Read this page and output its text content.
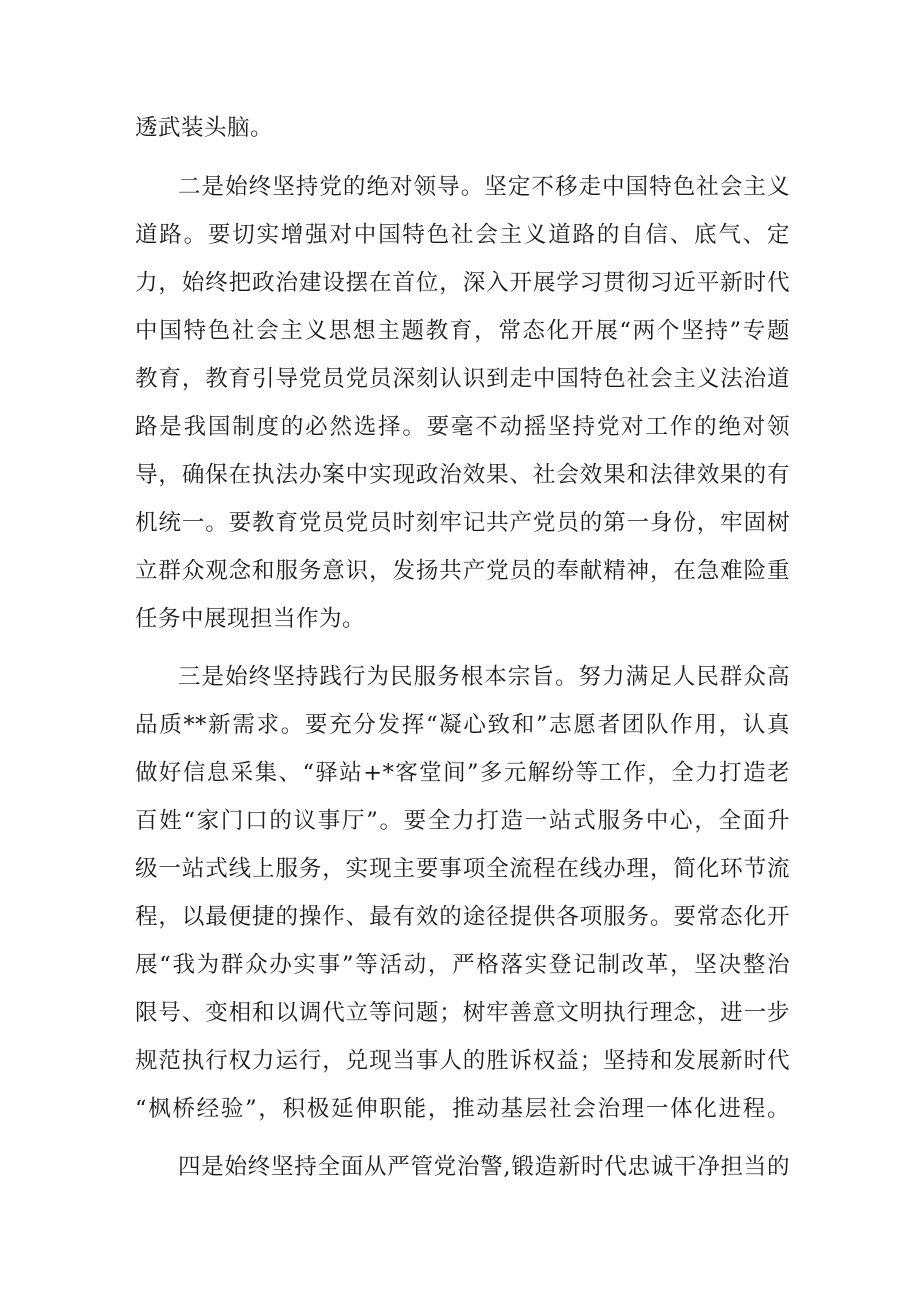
透武装头脑。
二是始终坚持党的绝对领导。坚定不移走中国特色社会主义
道路。要切实增强对中国特色社会主义道路的自信、底气、定
力，始终把政治建设摆在首位，深入开展学习贯彻习近平新时代
中国特色社会主义思想主题教育，常态化开展“两个坚持”专题
教育，教育引导党员党员深刻认识到走中国特色社会主义法治道
路是我国制度的必然选择。要毫不动摇坚持党对工作的绝对领
导，确保在执法办案中实现政治效果、社会效果和法律效果的有
机统一。要教育党员党员时刻牢记共产党员的第一身份，牢固树
立群众观念和服务意识，发扬共产党员的奉献精神，在急难险重
任务中展现担当作为。
三是始终坚持践行为民服务根本宗旨。努力满足人民群众高
品质**新需求。要充分发挥“凝心致和”志愿者团队作用，认真
做好信息采集、“驿站+*客堂间”多元解纷等工作，全力打造老
百姓“家门口的议事厅”。要全力打造一站式服务中心，全面升
级一站式线上服务，实现主要事项全流程在线办理，简化环节流
程，以最便捷的操作、最有效的途径提供各项服务。要常态化开
展“我为群众办实事”等活动，严格落实登记制改革，坚决整治
限号、变相和以调代立等问题；树牢善意文明执行理念，进一步
规范执行权力运行，兑现当事人的胜诉权益；坚持和发展新时代
“枫桥经验”，积极延伸职能，推动基层社会治理一体化进程。
四是始终坚持全面从严管党治警,锻造新时代忠诚干净担当的
